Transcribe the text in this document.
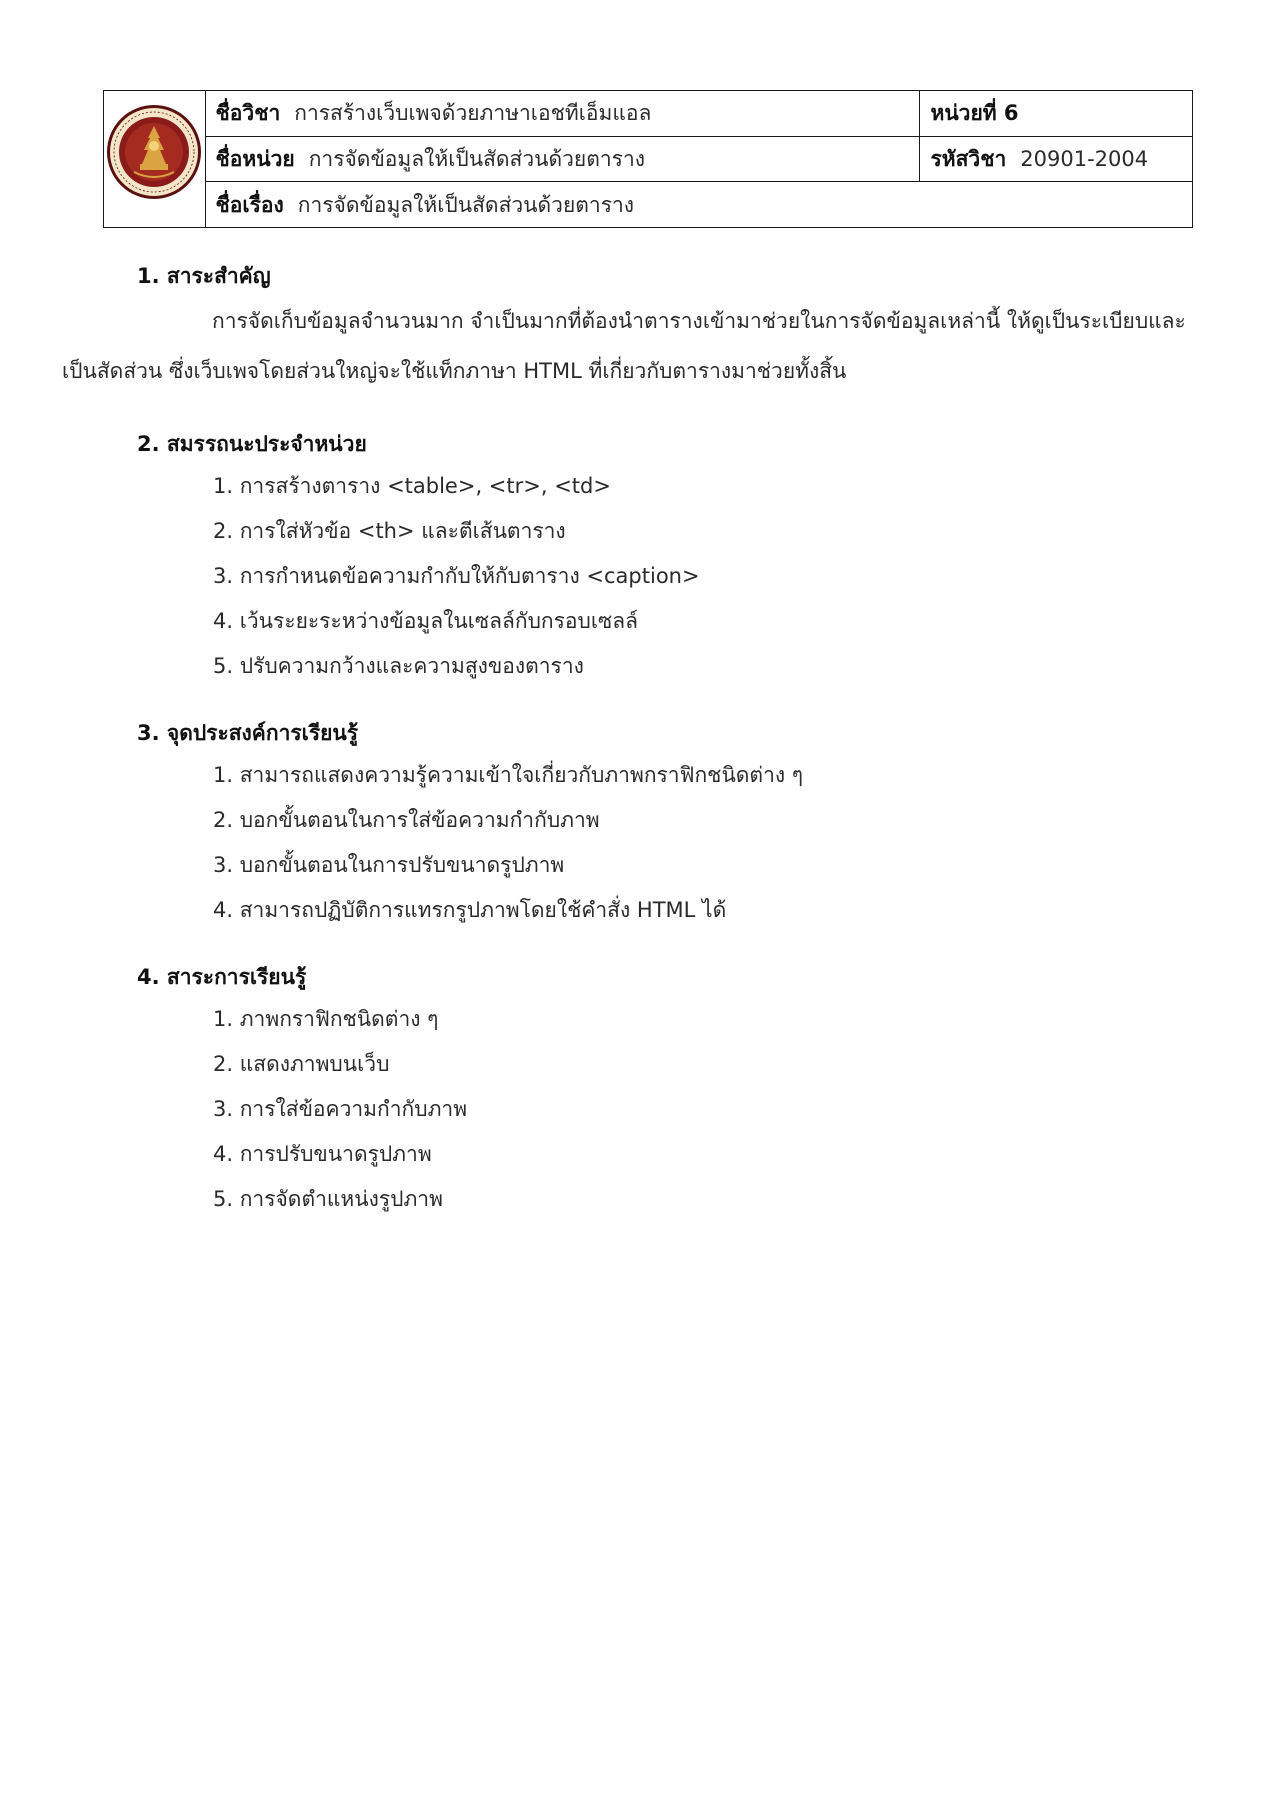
	ชื่อวิชา การสร้างเว็บเพจด้วยภาษาเอชทีเอ็มแอล	หน่วยที่ 6
	ชื่อหน่วย การจัดข้อมูลให้เป็นสัดส่วนด้วยตาราง	รหัสวิชา 20901-2004
	ชื่อเรื่อง การจัดข้อมูลให้เป็นสัดส่วนด้วยตาราง	
1. สาระสำคัญ

การจัดเก็บข้อมูลจำนวนมาก จำเป็นมากที่ต้องนำตารางเข้ามาช่วยในการจัดข้อมูลเหล่านี้ ให้ดูเป็นระเบียบและ
เป็นสัดส่วน ซึ่งเว็บเพจโดยส่วนใหญ่จะใช้แท็กภาษา HTML ที่เกี่ยวกับตารางมาช่วยทั้งสิ้น

2. สมรรถนะประจำหน่วย
1. การสร้างตาราง <table>, <tr>, <td>
2. การใส่หัวข้อ <th> และตีเส้นตาราง
3. การกำหนดข้อความกำกับให้กับตาราง <caption>
4. เว้นระยะระหว่างข้อมูลในเซลล์กับกรอบเซลล์
5. ปรับความกว้างและความสูงของตาราง
3. จุดประสงค์การเรียนรู้
1. สามารถแสดงความรู้ความเข้าใจเกี่ยวกับภาพกราฟิกชนิดต่าง ๆ
2. บอกขั้นตอนในการใส่ข้อความกำกับภาพ
3. บอกขั้นตอนในการปรับขนาดรูปภาพ
4. สามารถปฏิบัติการแทรกรูปภาพโดยใช้คำสั่ง HTML ได้
4. สาระการเรียนรู้
1. ภาพกราฟิกชนิดต่าง ๆ
2. แสดงภาพบนเว็บ
3. การใส่ข้อความกำกับภาพ
4. การปรับขนาดรูปภาพ
5. การจัดตำแหน่งรูปภาพ
